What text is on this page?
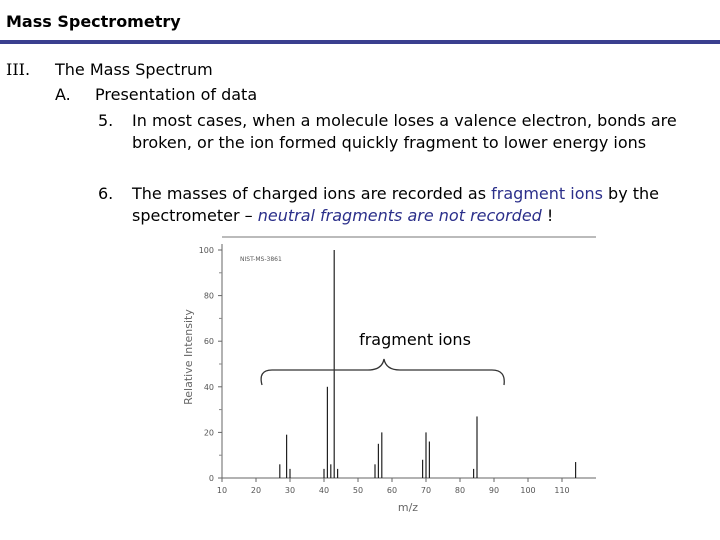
Mass Spectrometry
III. The Mass Spectrum
A. Presentation of data
5. In most cases, when a molecule loses a valence electron, bonds are
broken, or the ion formed quickly fragment to lower energy ions
6. The masses of charged ions are recorded as fragment ions by the
spectrometer – neutral fragments are not recorded !
NIST-MS-3861
10	20	30	40	50	60	70	80	90	100 110
0
20
40
60
80
100
m/z
Relative Intensity	fragment ions
